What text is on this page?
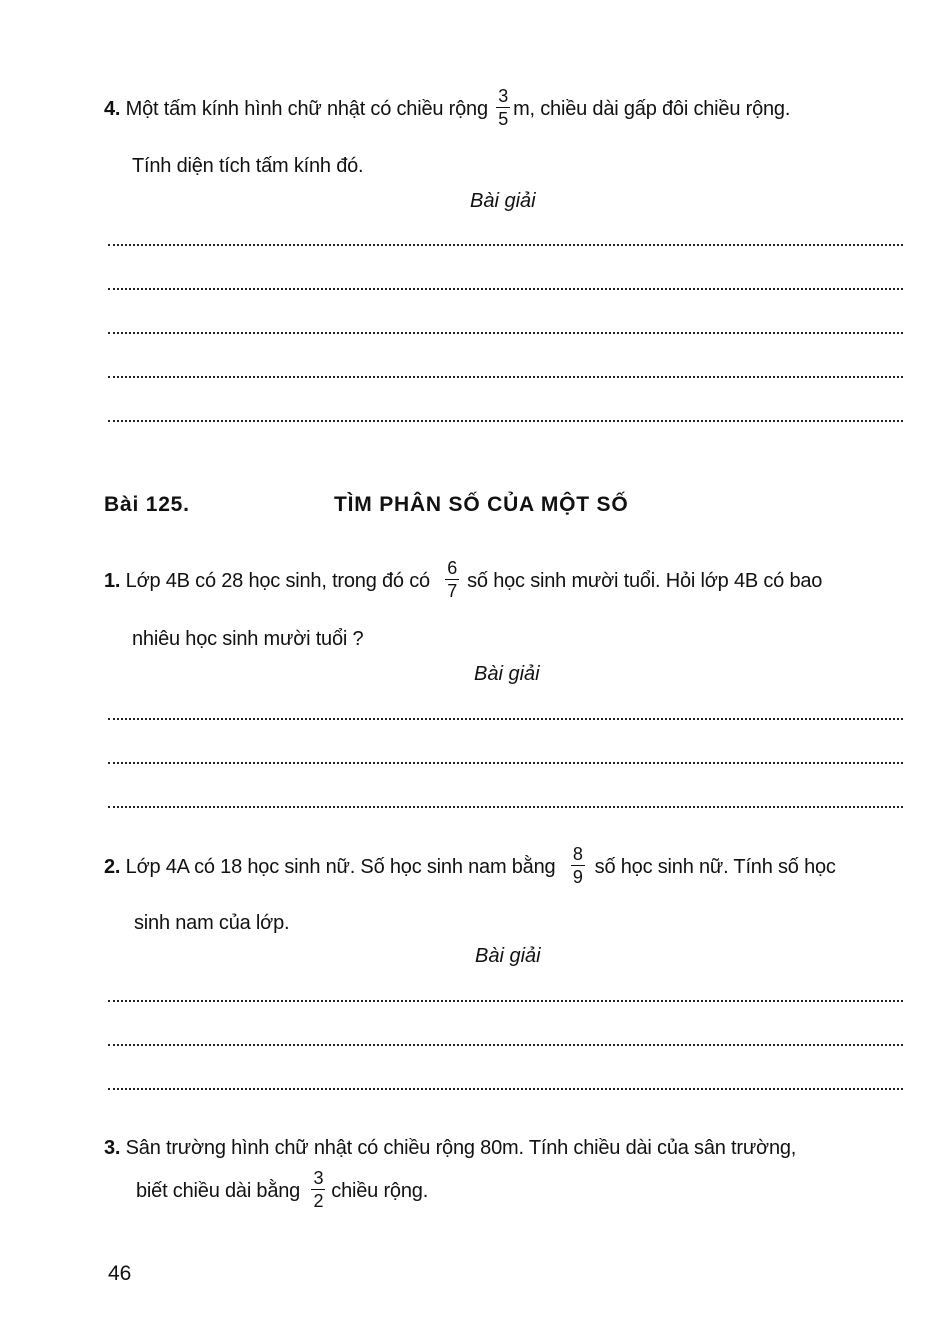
4. Một tấm kính hình chữ nhật có chiều rộng $\frac{3}{5} m$, chiều dài gấp đôi chiều rộng.
Tính diện tích tấm kính đó.
Bài giải
Bài 125.	TÌM PHÂN SỐ CỦA MỘT SỐ
1. Lớp 4B có 28 học sinh, trong đó có $\frac{6}{7}$ số học sinh mười tuổi. Hỏi lớp 4B có bao
nhiêu học sinh mười tuổi ?
Bài giải
2. Lớp 4A có 18 học sinh nữ. Số học sinh nam bằng $\frac{8}{9}$ số học sinh nữ. Tính số học
sinh nam của lớp.
Bài giải
3. Sân trường hình chữ nhật có chiều rộng 80m. Tính chiều dài của sân trường,
biết chiều dài bằng $\frac{3}{2}$ chiều rộng.
46
